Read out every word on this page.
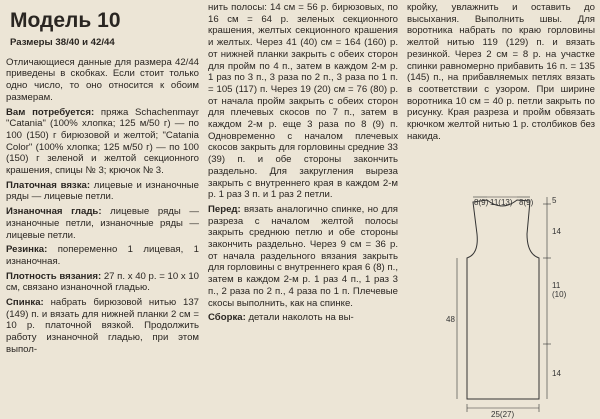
Модель 10
Размеры 38/40 и 42/44

Отличающиеся данные для размера 42/44 приведены в скобках. Если стоит только одно число, то оно относится к обоим размерам.

Вам потребуется: пряжа Schachenmayr "Catania" (100% хлопка; 125 м/50 г) — по 100 (150) г бирюзовой и желтой; "Catania Color" (100% хлопка; 125 м/50 г) — по 100 (150) г зеленой и желтой секционного крашения, спицы № 3; крючок № 3.

Платочная вязка: лицевые и изнаночные ряды — лицевые петли.

Изнаночная гладь: лицевые ряды — изнаночные петли, изнаночные ряды — лицевые петли.

Резинка: попеременно 1 лицевая, 1 изнаночная.

Плотность вязания: 27 п. х 40 р. = 10 х 10 см, связано изнаночной гладью.

Спинка: набрать бирюзовой нитью 137 (149) п. и вязать для нижней планки 2 см = 10 р. платочной вязкой. Продолжить работу изнаночной гладью, при этом выпол-

нить полосы: 14 см = 56 р. бирюзовых, по 16 см = 64 р. зеленых секционного крашения, желтых секционного крашения и желтых. Через 41 (40) см = 164 (160) р. от нижней планки закрыть с обеих сторон для пройм по 4 п., затем в каждом 2-м р. 1 раз по 3 п., 3 раза по 2 п., 3 раза по 1 п. = 105 (117) п. Через 19 (20) см = 76 (80) р. от начала пройм закрыть с обеих сторон для плечевых скосов по 7 п., затем в каждом 2-м р. еще 3 раза по 8 (9) п. Одновременно с началом плечевых скосов закрыть для горловины средние 33 (39) п. и обе стороны закончить раздельно. Для закругления выреза закрыть с внутреннего края в каждом 2-м р. 1 раз 3 п. и 1 раз 2 петли.

Перед: вязать аналогично спинке, но для разреза с началом желтой полосы закрыть среднюю петлю и обе стороны закончить раздельно. Через 9 см = 36 р. от начала раздельного вязания закрыть для горловины с внутреннего края 6 (8) п., затем в каждом 2-м р. 1 раз 4 п., 1 раз 3 п., 2 раза по 2 п., 4 раза по 1 п. Плечевые скосы выполнить, как на спинке.

Сборка: детали наколоть на вы-

кройку, увлажнить и оставить до высыхания. Выполнить швы. Для воротника набрать по краю горловины желтой нитью 119 (129) п. и вязать резинкой. Через 2 см = 8 р. на участке спинки равномерно прибавить 16 п. = 135 (145) п., на прибавляемых петлях вязать в соответствии с узором. При ширине воротника 10 см = 40 р. петли закрыть по рисунку. Края разреза и пройм обвязать крючком желтой нитью 1 р. столбиков без накида.

8(9) 11(13) 8(9) 5
14
11
(10)
14
48
25(27)
